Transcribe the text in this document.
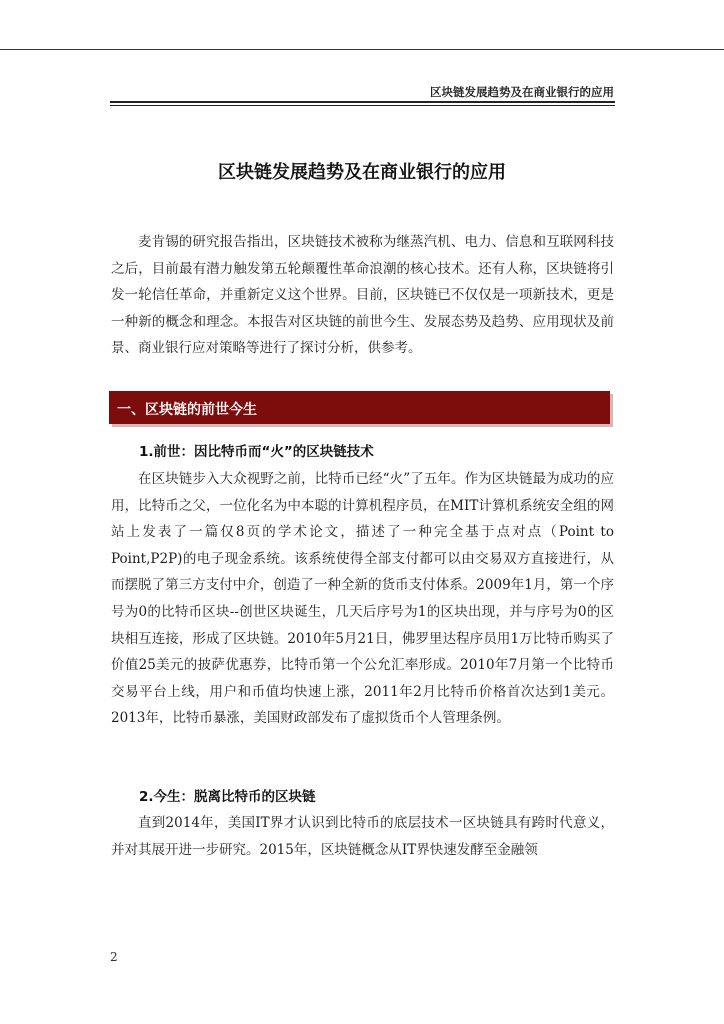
区块链发展趋势及在商业银行的应用
区块链发展趋势及在商业银行的应用

麦肯锡的研究报告指出，区块链技术被称为继蒸汽机、电力、信息和互联网科技之后，目前最有潜力触发第五轮颠覆性革命浪潮的核心技术。还有人称，区块链将引发一轮信任革命，并重新定义这个世界。目前，区块链已不仅仅是一项新技术，更是一种新的概念和理念。本报告对区块链的前世今生、发展态势及趋势、应用现状及前景、商业银行应对策略等进行了探讨分析，供参考。

一、区块链的前世今生
1.前世：因比特币而“火”的区块链技术

在区块链步入大众视野之前，比特币已经“火”了五年。作为区块链最为成功的应用，比特币之父，一位化名为中本聪的计算机程序员，在MIT计算机系统安全组的网站上发表了一篇仅8页的学术论文，描述了一种完全基于点对点（Point to Point,P2P)的电子现金系统。该系统使得全部支付都可以由交易双方直接进行，从而摆脱了第三方支付中介，创造了一种全新的货币支付体系。2009年1月，第一个序号为0的比特币区块--创世区块诞生，几天后序号为1的区块出现，并与序号为0的区块相互连接，形成了区块链。2010年5月21日，佛罗里达程序员用1万比特币购买了价值25美元的披萨优惠券，比特币第一个公允汇率形成。2010年7月第一个比特币交易平台上线，用户和币值均快速上涨，2011年2月比特币价格首次达到1美元。2013年，比特币暴涨，美国财政部发布了虚拟货币个人管理条例。

2.今生：脱离比特币的区块链

直到2014年，美国IT界才认识到比特币的底层技术一区块链具有跨时代意义，并对其展开进一步研究。2015年，区块链概念从IT界快速发酵至金融领

2
